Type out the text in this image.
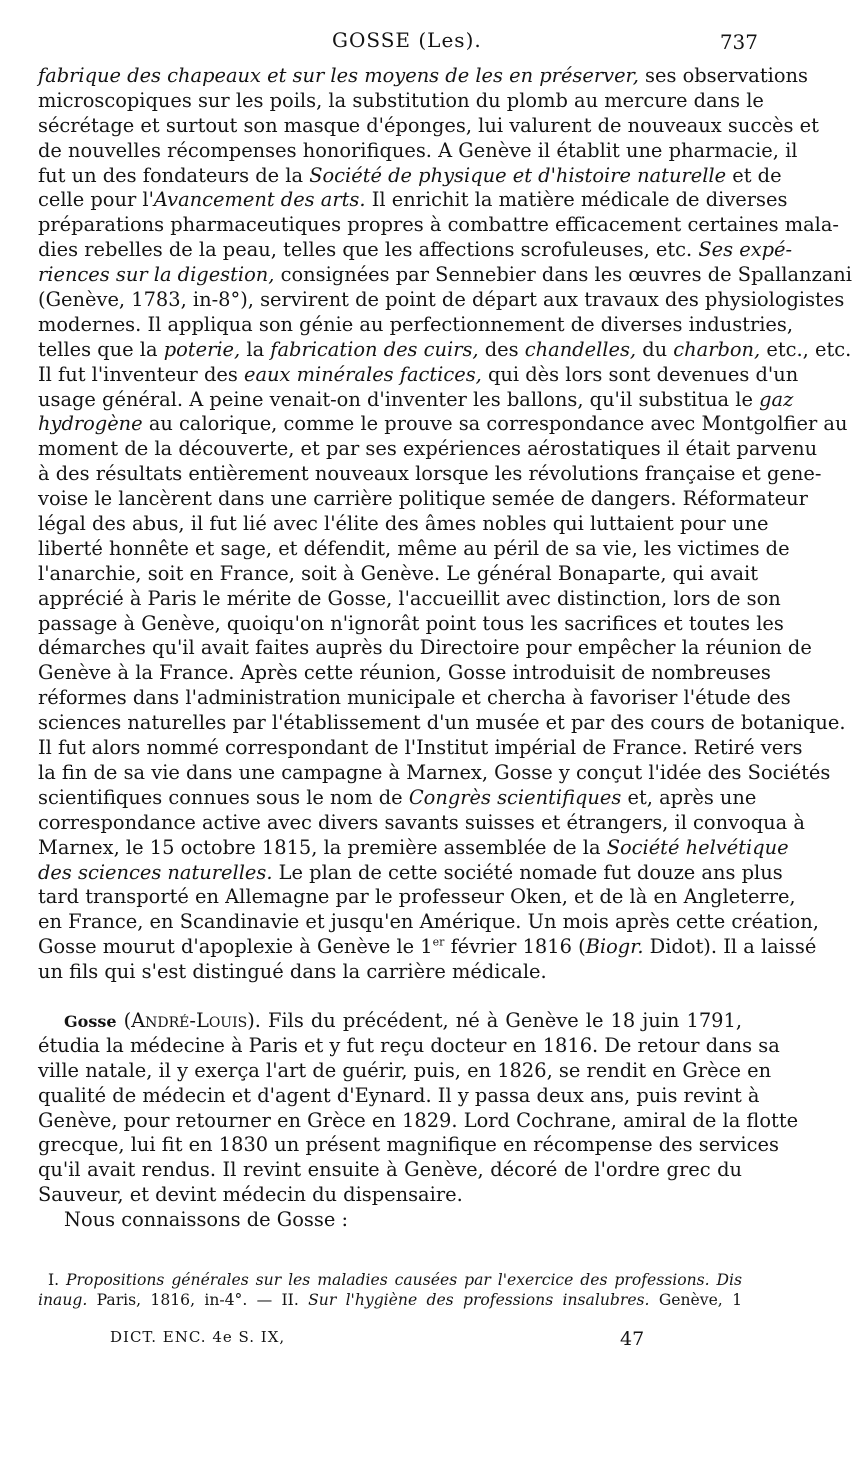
GOSSE (Les).	737
fabrique des chapeaux et sur les moyens de les en préserver, ses observations
microscopiques sur les poils, la substitution du plomb au mercure dans le
sécrétage et surtout son masque d'éponges, lui valurent de nouveaux succès et
de nouvelles récompenses honorifiques. A Genève il établit une pharmacie, il
fut un des fondateurs de la Société de physique et d'histoire naturelle et de
celle pour l'Avancement des arts. Il enrichit la matière médicale de diverses
préparations pharmaceutiques propres à combattre efficacement certaines mala-
dies rebelles de la peau, telles que les affections scrofuleuses, etc. Ses expé-
riences sur la digestion, consignées par Sennebier dans les œuvres de Spallanzani
(Genève, 1783, in-8°), servirent de point de départ aux travaux des physiologistes
modernes. Il appliqua son génie au perfectionnement de diverses industries,
telles que la poterie, la fabrication des cuirs, des chandelles, du charbon, etc., etc.
Il fut l'inventeur des eaux minérales factices, qui dès lors sont devenues d'un
usage général. A peine venait-on d'inventer les ballons, qu'il substitua le gaz
hydrogène au calorique, comme le prouve sa correspondance avec Montgolfier au
moment de la découverte, et par ses expériences aérostatiques il était parvenu
à des résultats entièrement nouveaux lorsque les révolutions française et gene-
voise le lancèrent dans une carrière politique semée de dangers. Réformateur
légal des abus, il fut lié avec l'élite des âmes nobles qui luttaient pour une
liberté honnête et sage, et défendit, même au péril de sa vie, les victimes de
l'anarchie, soit en France, soit à Genève. Le général Bonaparte, qui avait
apprécié à Paris le mérite de Gosse, l'accueillit avec distinction, lors de son
passage à Genève, quoiqu'on n'ignorât point tous les sacrifices et toutes les
démarches qu'il avait faites auprès du Directoire pour empêcher la réunion de
Genève à la France. Après cette réunion, Gosse introduisit de nombreuses
réformes dans l'administration municipale et chercha à favoriser l'étude des
sciences naturelles par l'établissement d'un musée et par des cours de botanique.
Il fut alors nommé correspondant de l'Institut impérial de France. Retiré vers
la fin de sa vie dans une campagne à Marnex, Gosse y conçut l'idée des Sociétés
scientifiques connues sous le nom de Congrès scientifiques et, après une
correspondance active avec divers savants suisses et étrangers, il convoqua à
Marnex, le 15 octobre 1815, la première assemblée de la Société helvétique
des sciences naturelles. Le plan de cette société nomade fut douze ans plus
tard transporté en Allemagne par le professeur Oken, et de là en Angleterre,
en France, en Scandinavie et jusqu'en Amérique. Un mois après cette création,
Gosse mourut d'apoplexie à Genève le 1er février 1816 (Biogr. Didot). Il a laissé
un fils qui s'est distingué dans la carrière médicale.
Gosse (André-Louis). Fils du précédent, né à Genève le 18 juin 1791,
étudia la médecine à Paris et y fut reçu docteur en 1816. De retour dans sa
ville natale, il y exerça l'art de guérir, puis, en 1826, se rendit en Grèce en
qualité de médecin et d'agent d'Eynard. Il y passa deux ans, puis revint à
Genève, pour retourner en Grèce en 1829. Lord Cochrane, amiral de la flotte
grecque, lui fit en 1830 un présent magnifique en récompense des services
qu'il avait rendus. Il revint ensuite à Genève, décoré de l'ordre grec du
Sauveur, et devint médecin du dispensaire.
Nous connaissons de Gosse :
I. Propositions générales sur les maladies causées par l'exercice des professions. Dis
inaug. Paris, 1816, in-4°. — II. Sur l'hygiène des professions insalubres. Genève, 1
DICT. ENC. 4e S. IX,	47
